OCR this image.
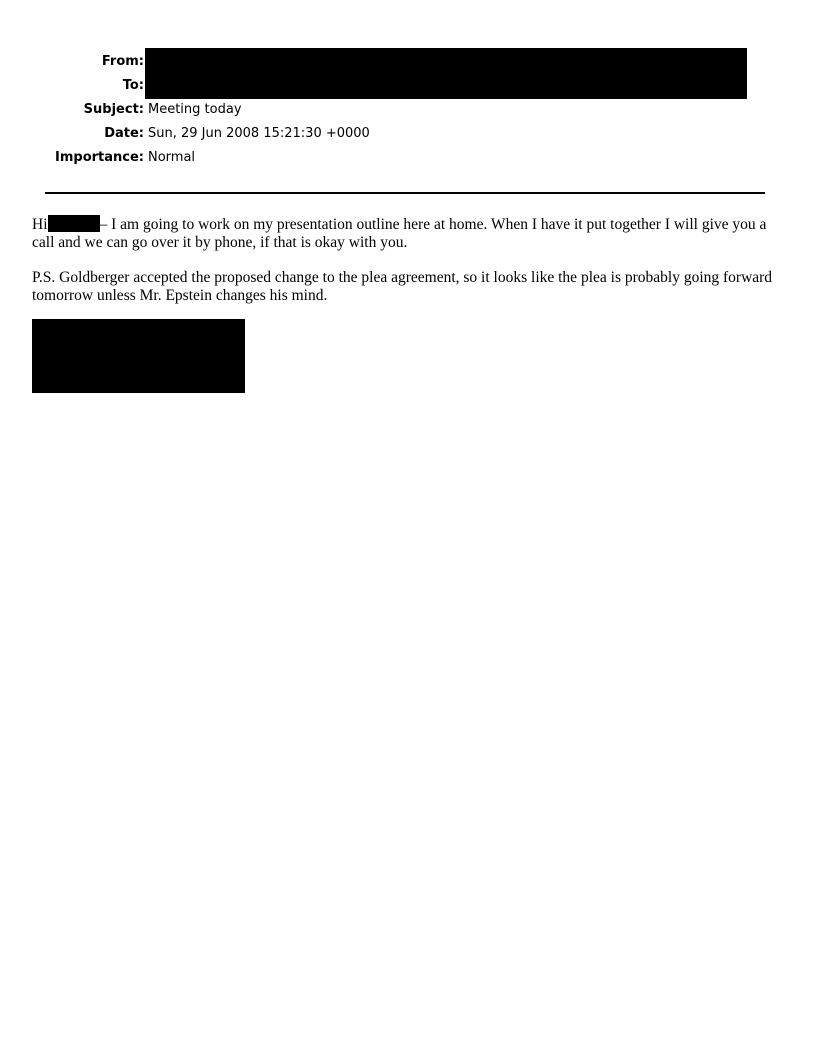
From:
To:
Subject: Meeting today
Date: Sun, 29 Jun 2008 15:21:30 +0000
Importance: Normal
Hi	– I am going to work on my presentation outline here at home. When I have it put together I will give you a call and we can go over it by phone, if that is okay with you.
P.S. Goldberger accepted the proposed change to the plea agreement, so it looks like the plea is probably going forward tomorrow unless Mr. Epstein changes his mind.
